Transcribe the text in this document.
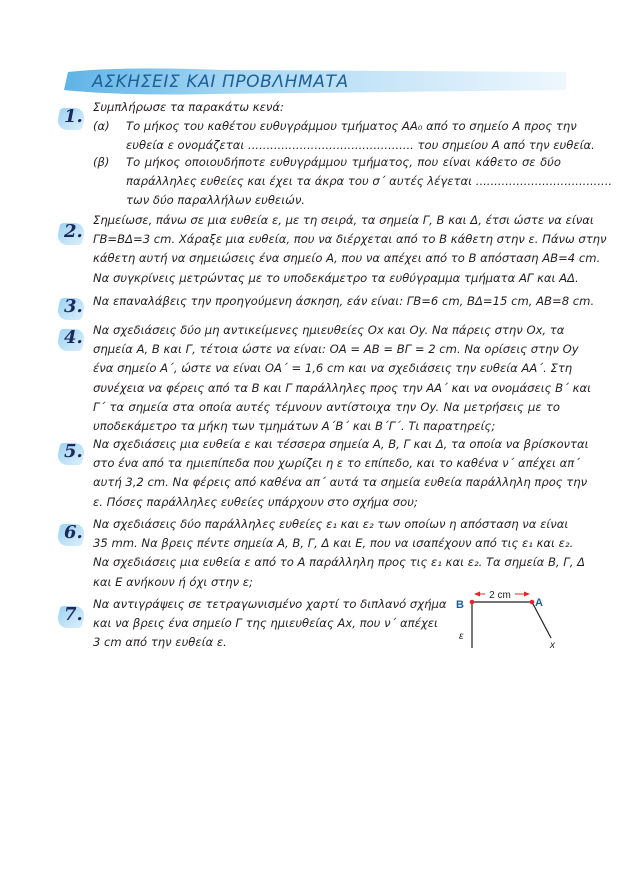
ΑΣΚΗΣΕΙΣ ΚΑΙ ΠΡΟΒΛΗΜΑΤΑ
1. Συμπλήρωσε τα παρακάτω κενά:
(α) Το μήκος του καθέτου ευθυγράμμου τμήματος ΑΑ₀ από το σημείο Α προς την
ευθεία ε ονομάζεται ............................................. του σημείου Α από την ευθεία.
(β) Το μήκος οποιουδήποτε ευθυγράμμου τμήματος, που είναι κάθετο σε δύο
παράλληλες ευθείες και έχει τα άκρα του σ΄ αυτές λέγεται .....................................
των δύο παραλλήλων ευθειών.
2.
Σημείωσε, πάνω σε μια ευθεία ε, με τη σειρά, τα σημεία Γ, Β και Δ, έτσι ώστε να είναι
ΓΒ=ΒΔ=3 cm. Χάραξε μια ευθεία, που να διέρχεται από το Β κάθετη στην ε. Πάνω στην
κάθετη αυτή να σημειώσεις ένα σημείο Α, που να απέχει από το Β απόσταση ΑΒ=4 cm.
Να συγκρίνεις μετρώντας με το υποδεκάμετρο τα ευθύγραμμα τμήματα ΑΓ και ΑΔ.
3. Να επαναλάβεις την προηγούμενη άσκηση, εάν είναι: ΓΒ=6 cm, ΒΔ=15 cm, ΑΒ=8 cm.
4. Να σχεδιάσεις δύο μη αντικείμενες ημιευθείες Οx και Οy. Να πάρεις στην Οx, τα
σημεία Α, Β και Γ, τέτοια ώστε να είναι: ΟΑ = ΑΒ = ΒΓ = 2 cm. Να ορίσεις στην Οy
ένα σημείο Α΄, ώστε να είναι ΟΑ΄ = 1,6 cm και να σχεδιάσεις την ευθεία ΑΑ΄. Στη
συνέχεια να φέρεις από τα Β και Γ παράλληλες προς την ΑΑ΄ και να ονομάσεις Β΄ και
Γ΄ τα σημεία στα οποία αυτές τέμνουν αντίστοιχα την Οy. Να μετρήσεις με το
υποδεκάμετρο τα μήκη των τμημάτων Α΄Β΄ και Β΄Γ΄. Τι παρατηρείς;
5. Να σχεδιάσεις μια ευθεία ε και τέσσερα σημεία Α, Β, Γ και Δ, τα οποία να βρίσκονται
στο ένα από τα ημιεπίπεδα που χωρίζει η ε το επίπεδο, και το καθένα ν΄ απέχει απ΄
αυτή 3,2 cm. Να φέρεις από καθένα απ΄ αυτά τα σημεία ευθεία παράλληλη προς την
ε. Πόσες παράλληλες ευθείες υπάρχουν στο σχήμα σου;
6. Να σχεδιάσεις δύο παράλληλες ευθείες ε₁ και ε₂ των οποίων η απόσταση να είναι
35 mm. Να βρεις πέντε σημεία Α, Β, Γ, Δ και Ε, που να ισαπέχουν από τις ε₁ και ε₂.
Να σχεδιάσεις μια ευθεία ε από το Α παράλληλη προς τις ε₁ και ε₂. Τα σημεία Β, Γ, Δ
και Ε ανήκουν ή όχι στην ε;
7. Να αντιγράψεις σε τετραγωνισμένο χαρτί το διπλανό σχήμα
και να βρεις ένα σημείο Γ της ημιευθείας Αx, που ν΄ απέχει
3 cm από την ευθεία ε.
2 cm
Β	Α
ε
x
